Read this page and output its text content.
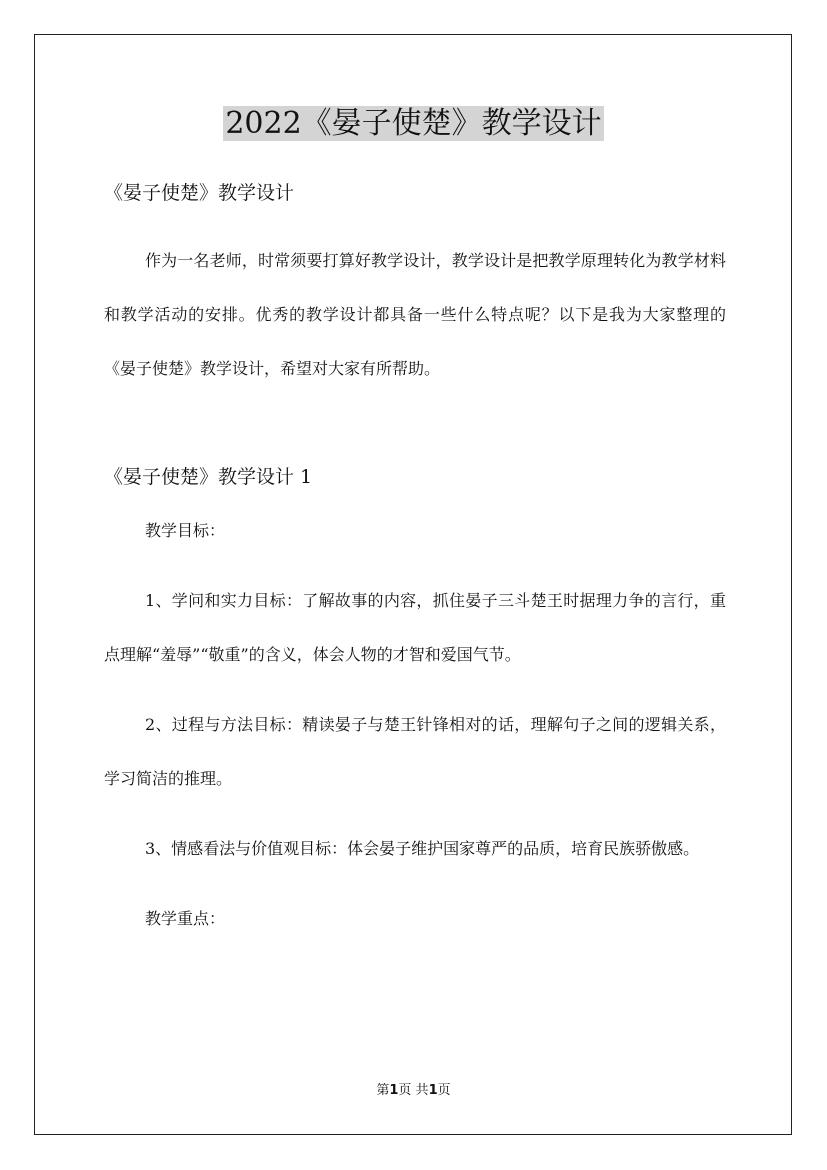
2022《晏子使楚》教学设计

《晏子使楚》教学设计

作为一名老师，时常须要打算好教学设计，教学设计是把教学原理转化为教学材料和教学活动的安排。优秀的教学设计都具备一些什么特点呢？以下是我为大家整理的《晏子使楚》教学设计，希望对大家有所帮助。

《晏子使楚》教学设计 1

教学目标：

1、学问和实力目标：了解故事的内容，抓住晏子三斗楚王时据理力争的言行，重点理解“羞辱”“敬重”的含义，体会人物的才智和爱国气节。

2、过程与方法目标：精读晏子与楚王针锋相对的话，理解句子之间的逻辑关系，学习简洁的推理。

3、情感看法与价值观目标：体会晏子维护国家尊严的品质，培育民族骄傲感。

教学重点：

第1页 共1页
